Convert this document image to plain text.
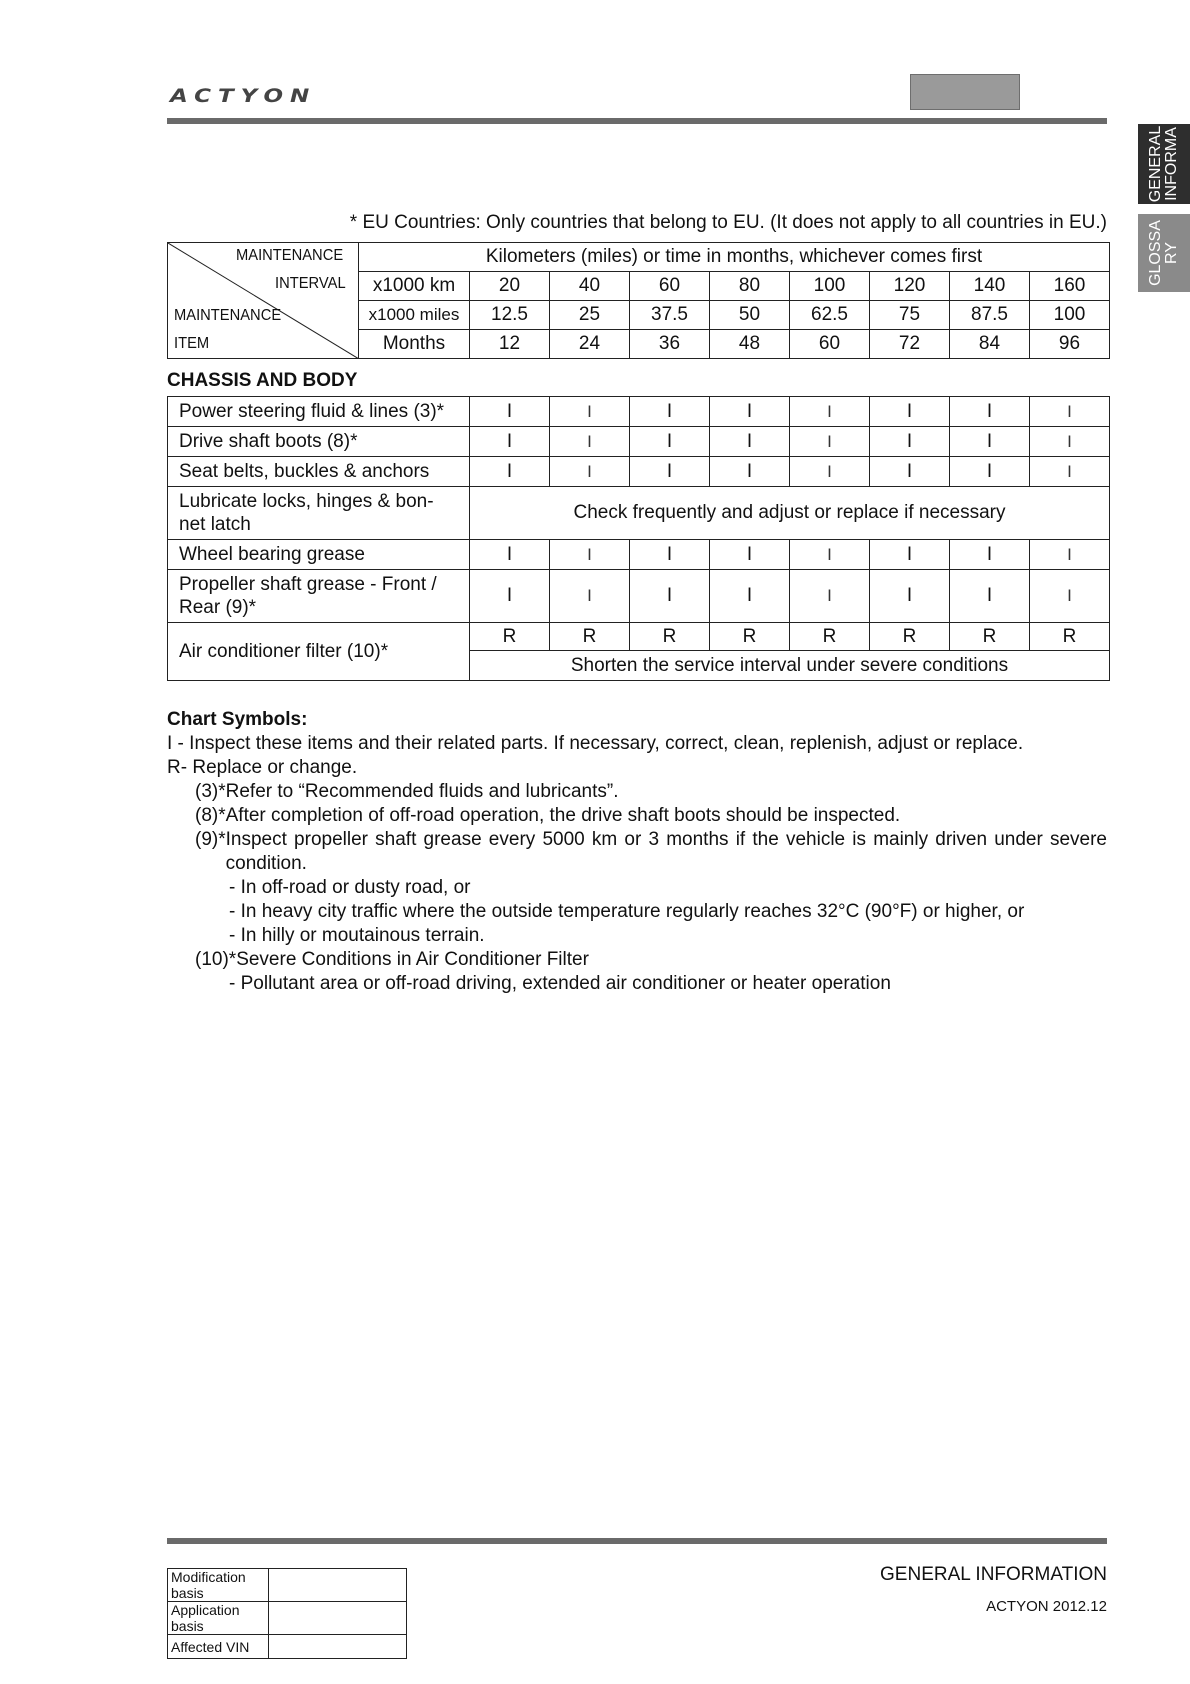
ACTYON
GENERAL
INFORMA
GLOSSA
RY
* EU Countries: Only countries that belong to EU. (It does not apply to all countries in EU.)
MAINTENANCE
INTERVAL
MAINTENANCE
ITEM	Kilometers (miles) or time in months, whichever comes first								
	x1000 km	20	40	60	80	100	120	140	160
	x1000 miles	12.5	25	37.5	50	62.5	75	87.5	100
	Months	12	24	36	48	60	72	84	96
CHASSIS AND BODY
Power steering fluid & lines (3)*	I	I	I	I	I	I	I	I
Drive shaft boots (8)*	I	I	I	I	I	I	I	I
Seat belts, buckles & anchors	I	I	I	I	I	I	I	I
Lubricate locks, hinges & bon-net latch	Check frequently and adjust or replace if necessary							
Wheel bearing grease	I	I	I	I	I	I	I	I
Propeller shaft grease - Front / Rear (9)*	I	I	I	I	I	I	I	I
Air conditioner filter (10)*	R	R	R	R	R	R	R	R
	Shorten the service interval under severe conditions							
Chart Symbols:
I -
Inspect these items and their related parts. If necessary, correct, clean, replenish, adjust or replace.
R-
Replace or change.
(3)* Refer to “Recommended fluids and lubricants”.
(8)* After completion of off-road operation, the drive shaft boots should be inspected.
(9)* Inspect propeller shaft grease every 5000 km or 3 months if the vehicle is mainly driven under severe condition.
- In off-road or dusty road, or
- In heavy city traffic where the outside temperature regularly reaches 32°C (90°F) or higher, or
- In hilly or moutainous terrain.
(10)* Severe Conditions in Air Conditioner Filter
- Pollutant area or off-road driving, extended air conditioner or heater operation
Modification basis	
Application basis	
Affected VIN	
GENERAL INFORMATION
ACTYON 2012.12
